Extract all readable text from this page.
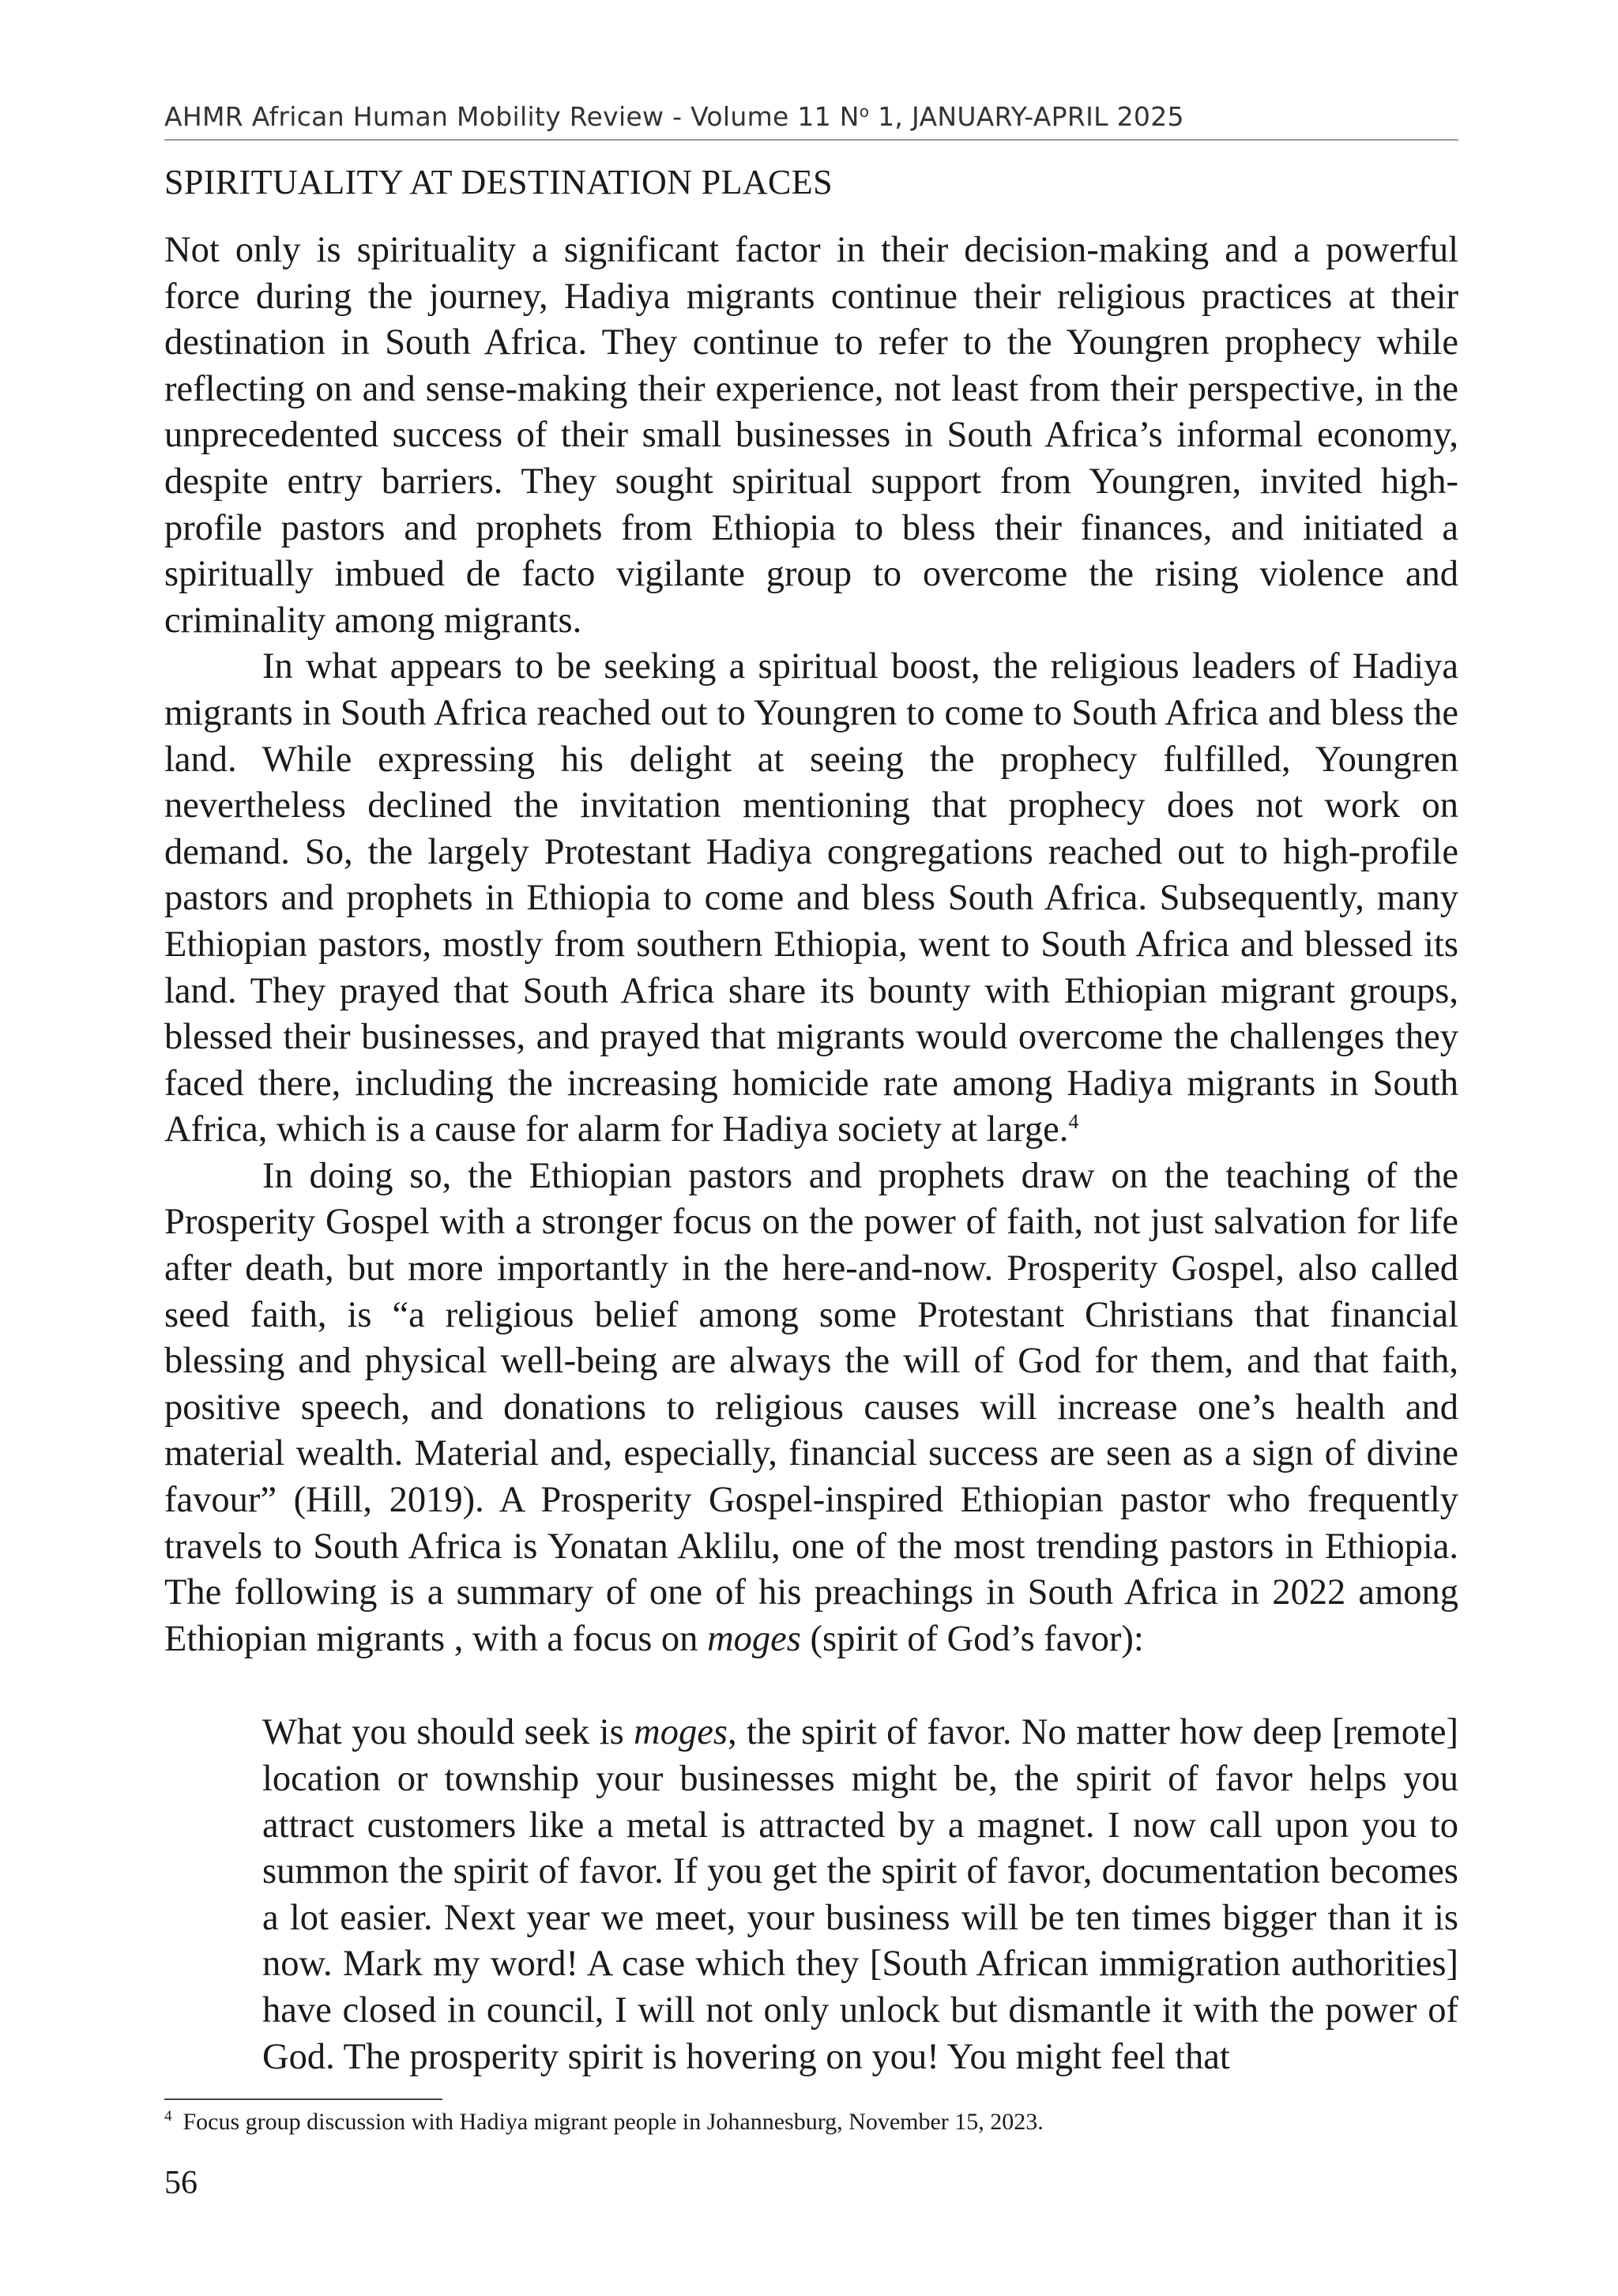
AHMR African Human Mobility Review - Volume 11 $N^o$ 1, JANUARY-APRIL 2025
SPIRITUALITY AT DESTINATION PLACES

Not only is spirituality a significant factor in their decision-making and a powerful force during the journey, Hadiya migrants continue their religious practices at their destination in South Africa. They continue to refer to the Youngren prophecy while reflecting on and sense-making their experience, not least from their perspective, in the unprecedented success of their small businesses in South Africa’s informal economy, despite entry barriers. They sought spiritual support from Youngren, invited high-profile pastors and prophets from Ethiopia to bless their finances, and initiated a spiritually imbued de facto vigilante group to overcome the rising violence and criminality among migrants.

In what appears to be seeking a spiritual boost, the religious leaders of Hadiya migrants in South Africa reached out to Youngren to come to South Africa and bless the land. While expressing his delight at seeing the prophecy fulfilled, Youngren nevertheless declined the invitation mentioning that prophecy does not work on demand. So, the largely Protestant Hadiya congregations reached out to high-profile pastors and prophets in Ethiopia to come and bless South Africa. Subsequently, many Ethiopian pastors, mostly from southern Ethiopia, went to South Africa and blessed its land. They prayed that South Africa share its bounty with Ethiopian migrant groups, blessed their businesses, and prayed that migrants would overcome the challenges they faced there, including the increasing homicide rate among Hadiya migrants in South Africa, which is a cause for alarm for Hadiya society at large.$^4$

In doing so, the Ethiopian pastors and prophets draw on the teaching of the Prosperity Gospel with a stronger focus on the power of faith, not just salvation for life after death, but more importantly in the here-and-now. Prosperity Gospel, also called seed faith, is “a religious belief among some Protestant Christians that financial blessing and physical well-being are always the will of God for them, and that faith, positive speech, and donations to religious causes will increase one’s health and material wealth. Material and, especially, financial success are seen as a sign of divine favour” (Hill, 2019). A Prosperity Gospel-inspired Ethiopian pastor who frequently travels to South Africa is Yonatan Aklilu, one of the most trending pastors in Ethiopia. The following is a summary of one of his preachings in South Africa in 2022 among Ethiopian migrants , with a focus on moges (spirit of God’s favor):

What you should seek is moges, the spirit of favor. No matter how deep [remote] location or township your businesses might be, the spirit of favor helps you attract customers like a metal is attracted by a magnet. I now call upon you to summon the spirit of favor. If you get the spirit of favor, documentation becomes a lot easier. Next year we meet, your business will be ten times bigger than it is now. Mark my word! A case which they [South African immigration authorities] have closed in council, I will not only unlock but dismantle it with the power of God. The prosperity spirit is hovering on you! You might feel that

$^4$ Focus group discussion with Hadiya migrant people in Johannesburg, November 15, 2023.
56
